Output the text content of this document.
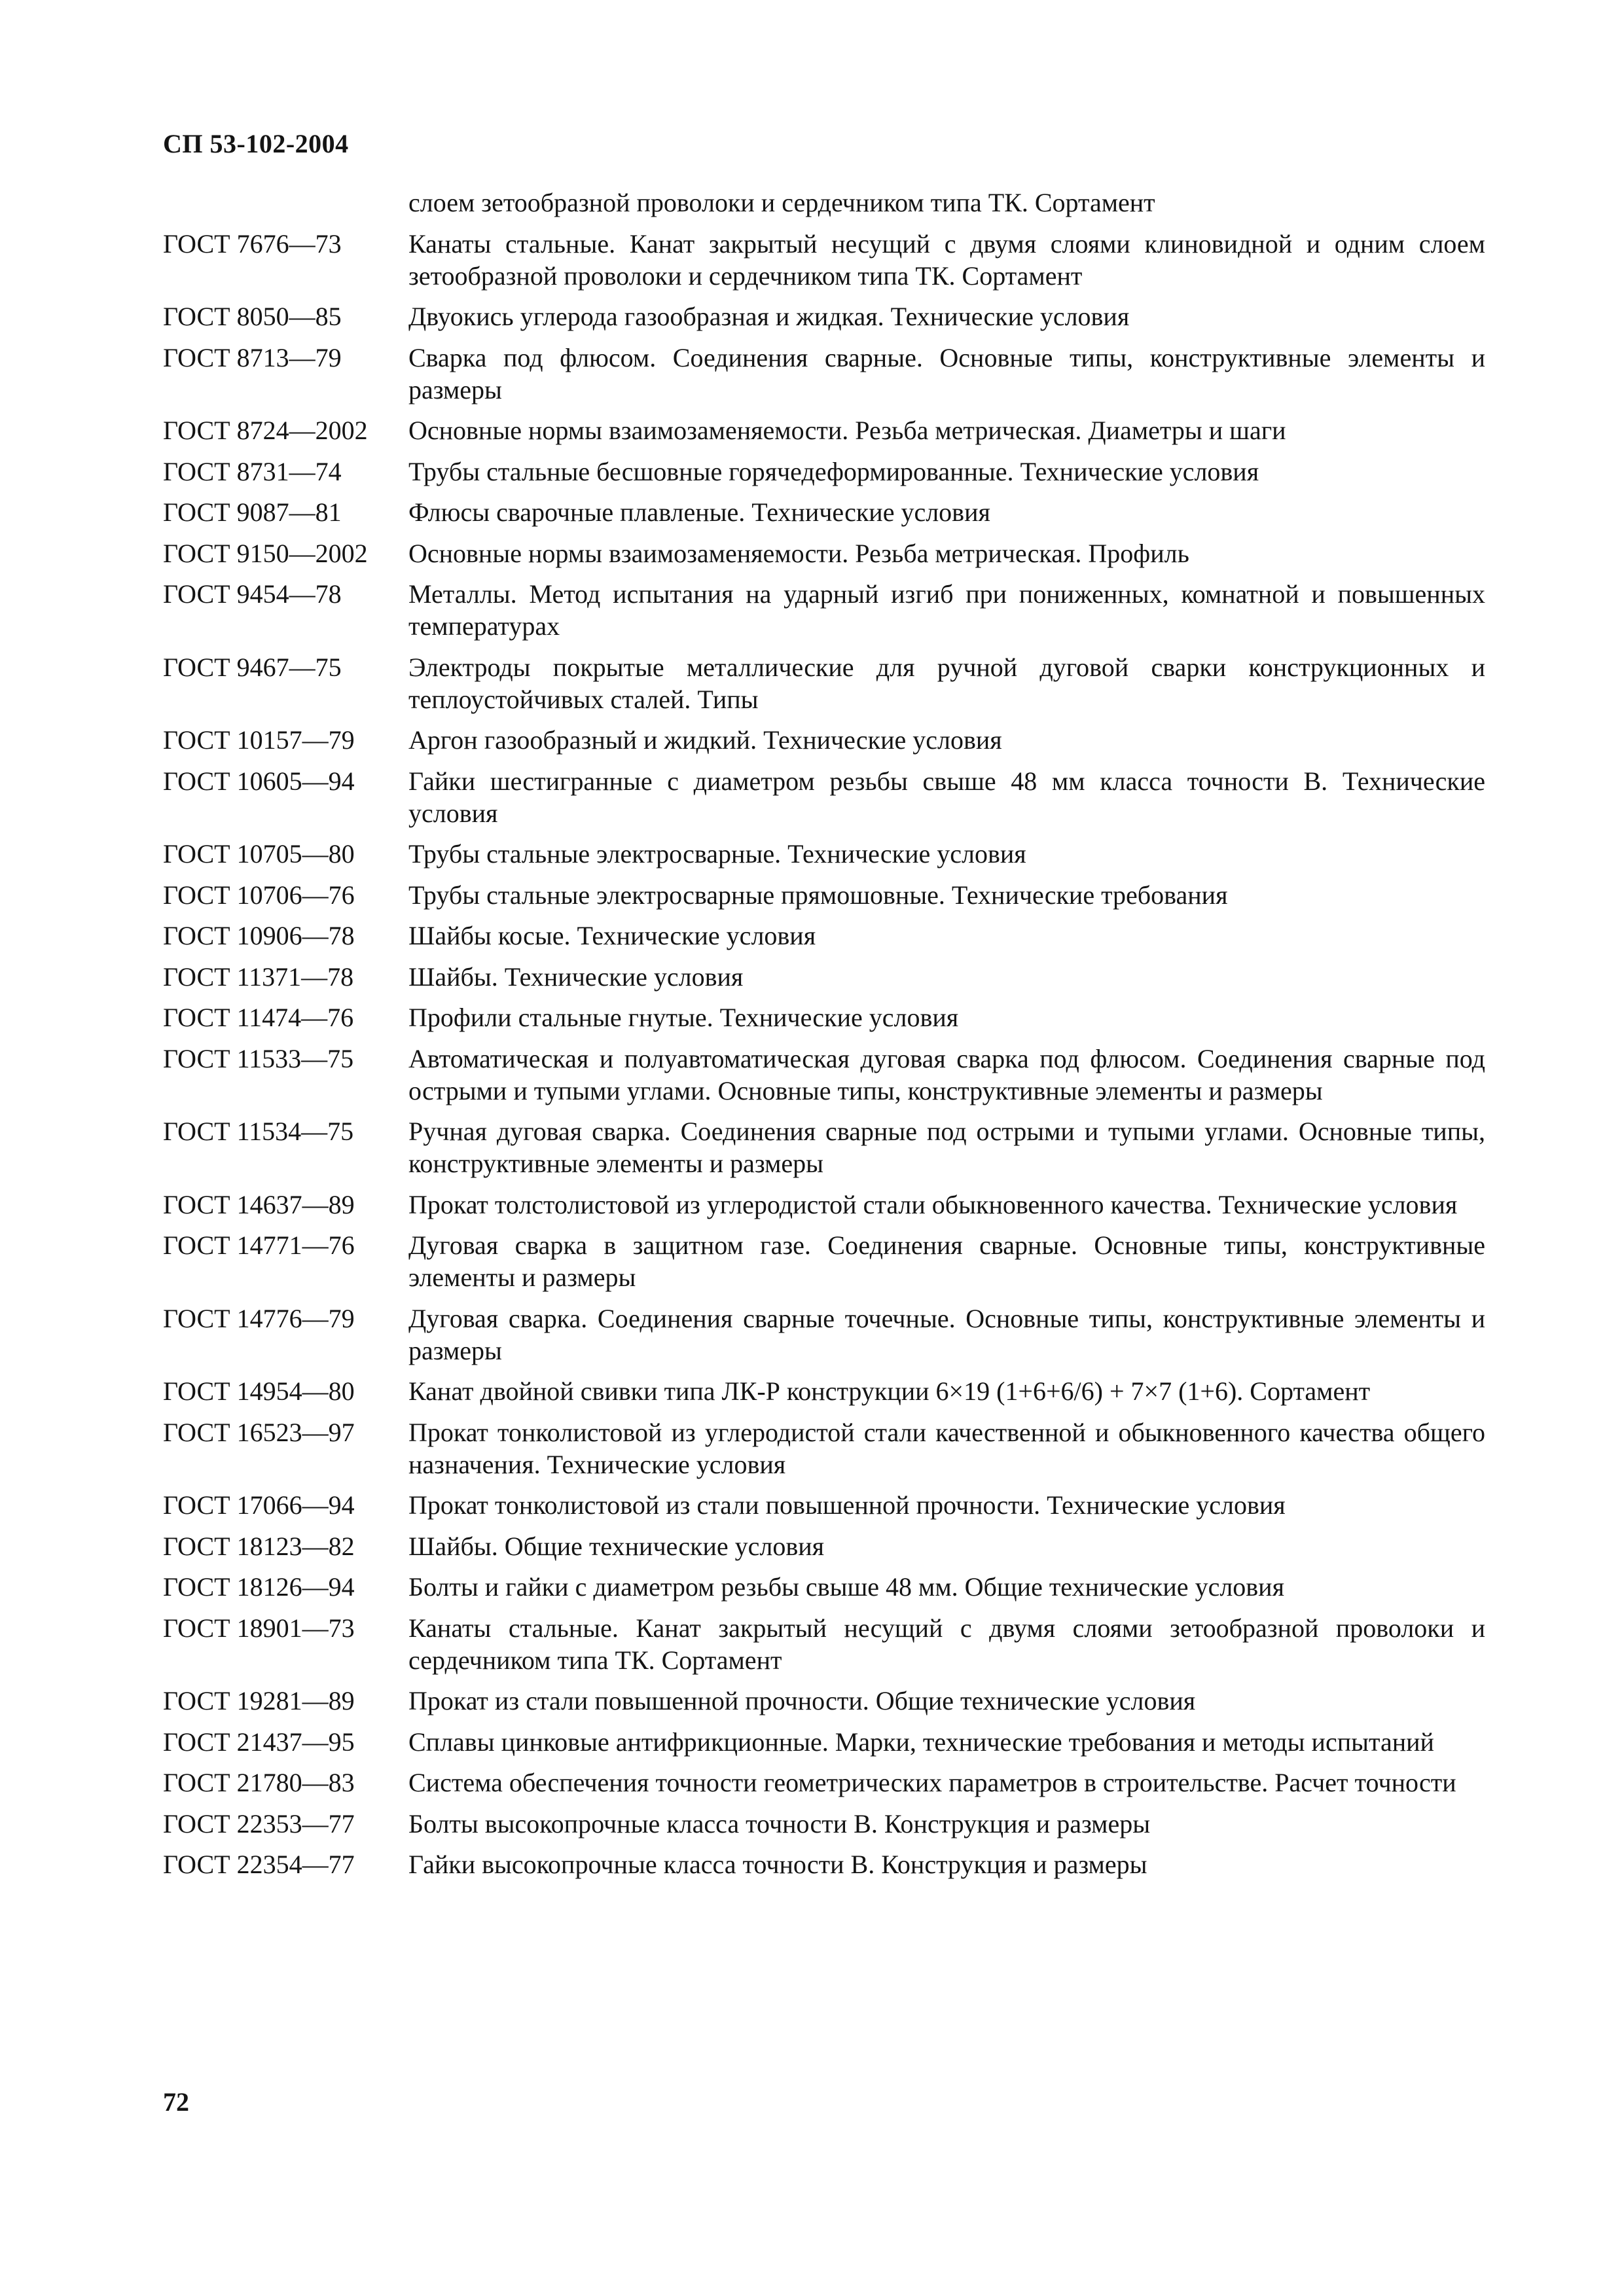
СП 53-102-2004
слоем зетообразной проволоки и сердечником типа ТК. Сортамент
ГОСТ 7676—73	Канаты стальные. Канат закрытый несущий с двумя слоями клиновидной и одним слоем зетообразной проволоки и сердечником типа ТК. Сортамент
ГОСТ 8050—85	Двуокись углерода газообразная и жидкая. Технические условия
ГОСТ 8713—79	Сварка под флюсом. Соединения сварные. Основные типы, конструктивные элементы и размеры
ГОСТ 8724—2002	Основные нормы взаимозаменяемости. Резьба метрическая. Диаметры и шаги
ГОСТ 8731—74	Трубы стальные бесшовные горячедеформированные. Технические условия
ГОСТ 9087—81	Флюсы сварочные плавленые. Технические условия
ГОСТ 9150—2002	Основные нормы взаимозаменяемости. Резьба метрическая. Профиль
ГОСТ 9454—78	Металлы. Метод испытания на ударный изгиб при пониженных, комнатной и повышенных температурах
ГОСТ 9467—75	Электроды покрытые металлические для ручной дуговой сварки конструкционных и теплоустойчивых сталей. Типы
ГОСТ 10157—79	Аргон газообразный и жидкий. Технические условия
ГОСТ 10605—94	Гайки шестигранные с диаметром резьбы свыше 48 мм класса точности В. Технические условия
ГОСТ 10705—80	Трубы стальные электросварные. Технические условия
ГОСТ 10706—76	Трубы стальные электросварные прямошовные. Технические требования
ГОСТ 10906—78	Шайбы косые. Технические условия
ГОСТ 11371—78	Шайбы. Технические условия
ГОСТ 11474—76	Профили стальные гнутые. Технические условия
ГОСТ 11533—75	Автоматическая и полуавтоматическая дуговая сварка под флюсом. Соединения сварные под острыми и тупыми углами. Основные типы, конструктивные элементы и размеры
ГОСТ 11534—75	Ручная дуговая сварка. Соединения сварные под острыми и тупыми углами. Основные типы, конструктивные элементы и размеры
ГОСТ 14637—89	Прокат толстолистовой из углеродистой стали обыкновенного качества. Технические условия
ГОСТ 14771—76	Дуговая сварка в защитном газе. Соединения сварные. Основные типы, конструктивные элементы и размеры
ГОСТ 14776—79	Дуговая сварка. Соединения сварные точечные. Основные типы, конструктивные элементы и размеры
ГОСТ 14954—80	Канат двойной свивки типа ЛК-Р конструкции 6×19 (1+6+6/6) + 7×7 (1+6). Сортамент
ГОСТ 16523—97	Прокат тонколистовой из углеродистой стали качественной и обыкновенного качества общего назначения. Технические условия
ГОСТ 17066—94	Прокат тонколистовой из стали повышенной прочности. Технические условия
ГОСТ 18123—82	Шайбы. Общие технические условия
ГОСТ 18126—94	Болты и гайки с диаметром резьбы свыше 48 мм. Общие технические условия
ГОСТ 18901—73	Канаты стальные. Канат закрытый несущий с двумя слоями зетообразной проволоки и сердечником типа ТК. Сортамент
ГОСТ 19281—89	Прокат из стали повышенной прочности. Общие технические условия
ГОСТ 21437—95	Сплавы цинковые антифрикционные. Марки, технические требования и методы испытаний
ГОСТ 21780—83	Система обеспечения точности геометрических параметров в строительстве. Расчет точности
ГОСТ 22353—77	Болты высокопрочные класса точности В. Конструкция и размеры
ГОСТ 22354—77	Гайки высокопрочные класса точности В. Конструкция и размеры
72
